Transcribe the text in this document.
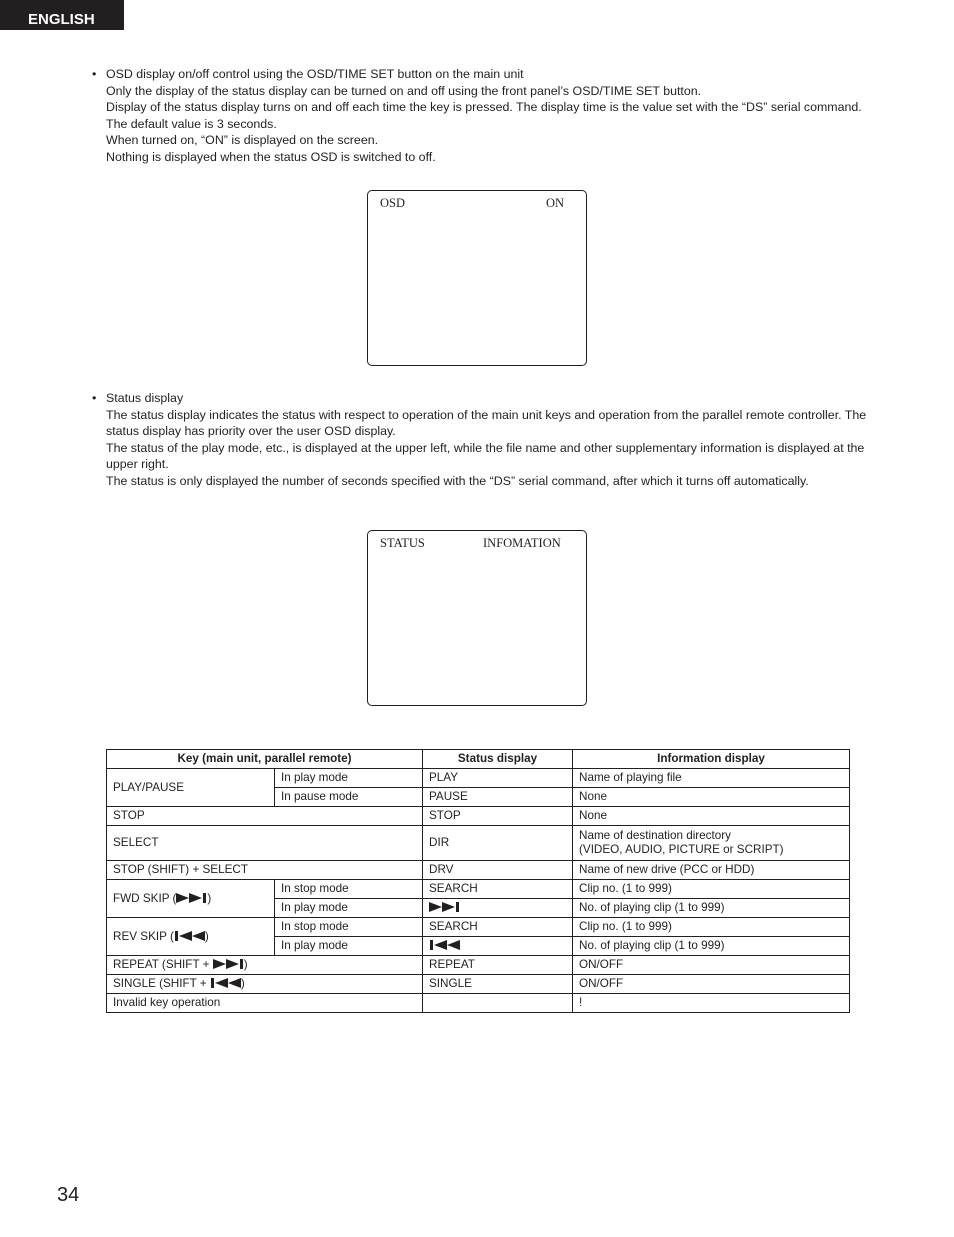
ENGLISH
• OSD display on/off control using the OSD/TIME SET button on the main unit

Only the display of the status display can be turned on and off using the front panel’s OSD/TIME SET button.

Display of the status display turns on and off each time the key is pressed. The display time is the value set with the “DS” serial command. The default value is 3 seconds.

When turned on, “ON” is displayed on the screen.

Nothing is displayed when the status OSD is switched to off.

OSD	ON
• Status display

The status display indicates the status with respect to operation of the main unit keys and operation from the parallel remote controller. The status display has priority over the user OSD display.

The status of the play mode, etc., is displayed at the upper left, while the file name and other supplementary information is displayed at the upper right.

The status is only displayed the number of seconds specified with the “DS” serial command, after which it turns off automatically.

STATUS	INFOMATION
Key (main unit, parallel remote)		Status display	Information display
PLAY/PAUSE	In play mode	PLAY	Name of playing file
	In pause mode	PAUSE	None
STOP		STOP	None
SELECT		DIR	Name of destination directory
(VIDEO, AUDIO, PICTURE or SCRIPT)

STOP (SHIFT) + SELECT		DRV	Name of new drive (PCC or HDD)
FWD SKIP ( )	In stop mode	SEARCH	Clip no. (1 to 999)
	In play mode		No. of playing clip (1 to 999)
REV SKIP ( )	In stop mode	SEARCH	Clip no. (1 to 999)
	In play mode		No. of playing clip (1 to 999)
REPEAT (SHIFT + )		REPEAT	ON/OFF
SINGLE (SHIFT + )		SINGLE	ON/OFF
Invalid key operation			!
34
